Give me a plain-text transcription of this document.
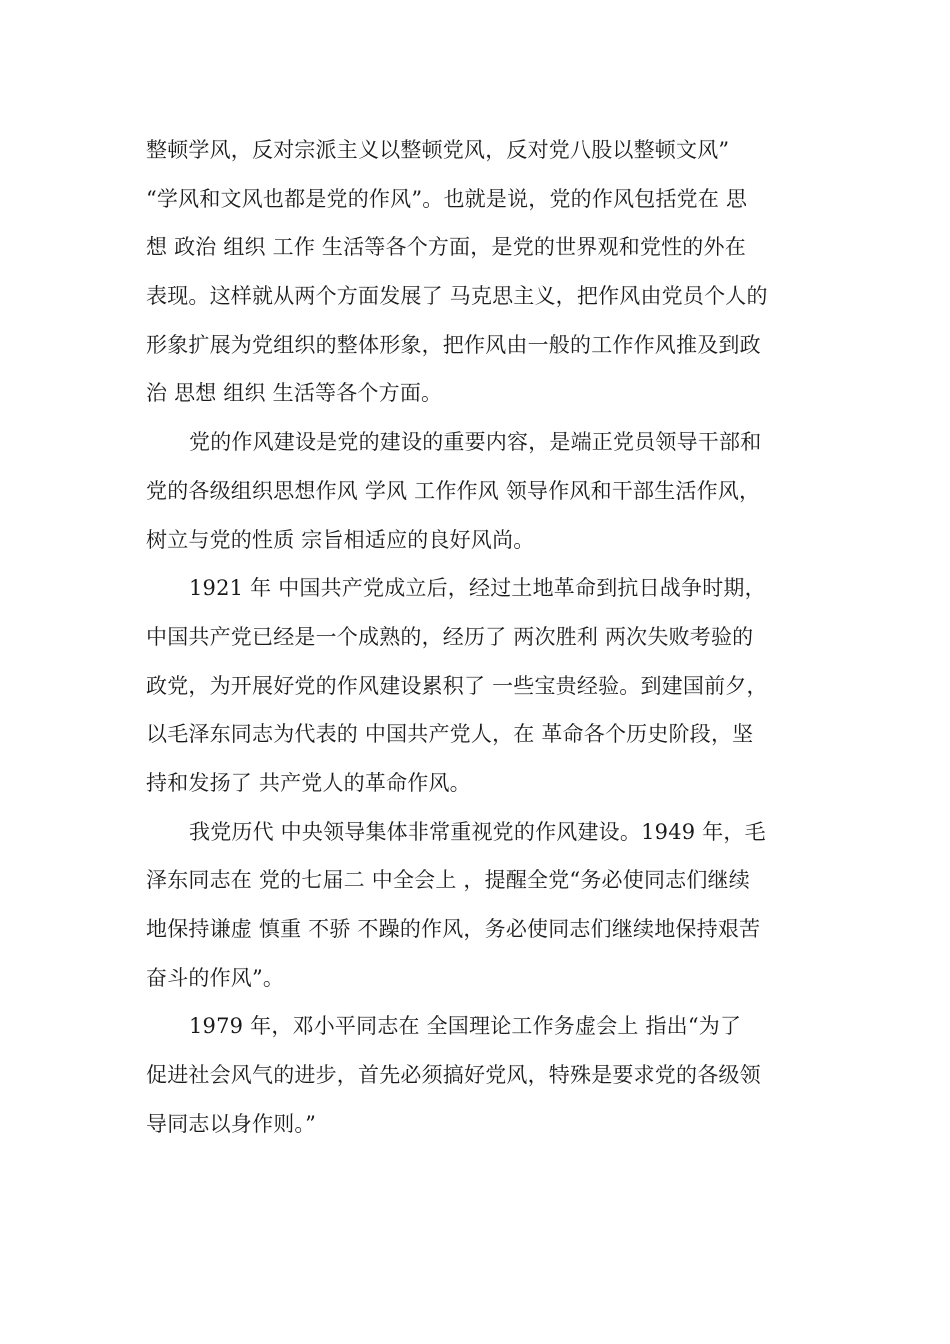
整顿学风，反对宗派主义以整顿党风，反对党八股以整顿文风”
“学风和文风也都是党的作风”。也就是说，党的作风包括党在 思
想 政治 组织 工作 生活等各个方面，是党的世界观和党性的外在
表现。这样就从两个方面发展了 马克思主义，把作风由党员个人的
形象扩展为党组织的整体形象，把作风由一般的工作作风推及到政
治 思想 组织 生活等各个方面。
党的作风建设是党的建设的重要内容，是端正党员领导干部和
党的各级组织思想作风 学风 工作作风 领导作风和干部生活作风，
树立与党的性质 宗旨相适应的良好风尚。
1921 年 中国共产党成立后，经过土地革命到抗日战争时期，
中国共产党已经是一个成熟的，经历了 两次胜利 两次失败考验的
政党，为开展好党的作风建设累积了 一些宝贵经验。到建国前夕，
以毛泽东同志为代表的 中国共产党人，在 革命各个历史阶段，坚
持和发扬了 共产党人的革命作风。
我党历代 中央领导集体非常重视党的作风建设。1949 年，毛
泽东同志在 党的七届二 中全会上 ，提醒全党“务必使同志们继续
地保持谦虚 慎重 不骄 不躁的作风，务必使同志们继续地保持艰苦
奋斗的作风”。
1979 年，邓小平同志在 全国理论工作务虚会上 指出“为了
促进社会风气的进步，首先必须搞好党风，特殊是要求党的各级领
导同志以身作则。”
